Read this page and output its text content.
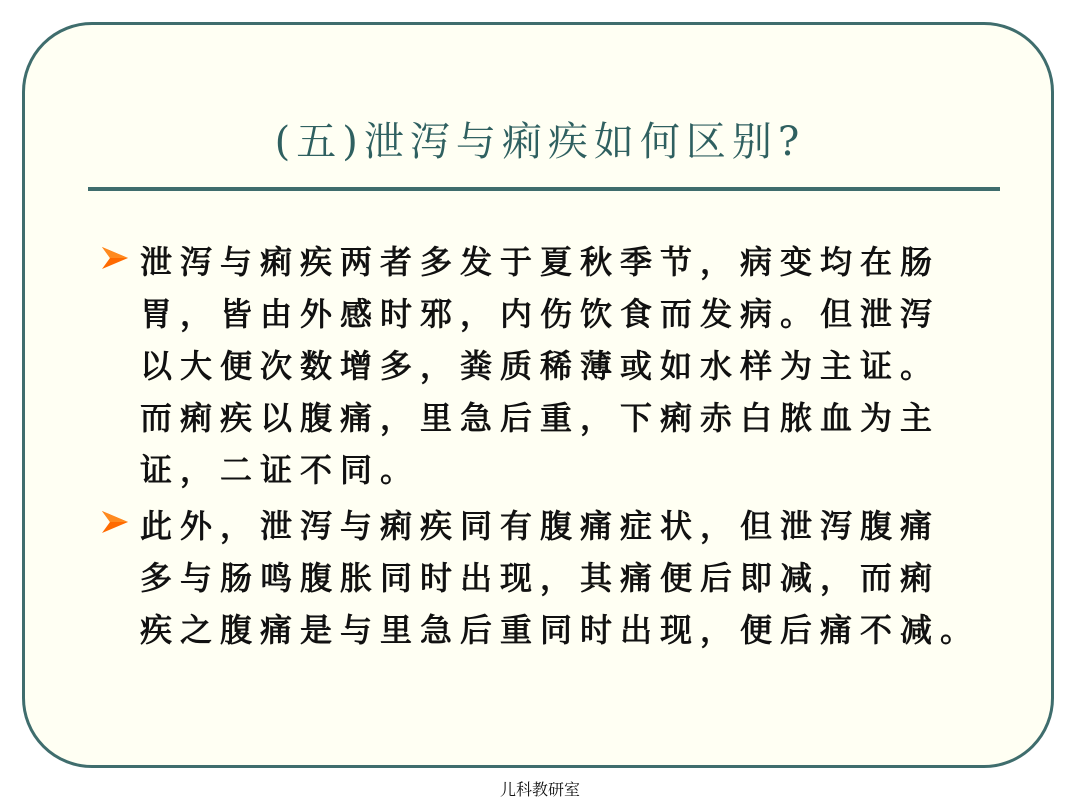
(五)泄泻与痢疾如何区别?
泄泻与痢疾两者多发于夏秋季节，病变均在肠
胃，皆由外感时邪，内伤饮食而发病。但泄泻
以大便次数增多，粪质稀薄或如水样为主证。
而痢疾以腹痛，里急后重，下痢赤白脓血为主
证，二证不同。
此外，泄泻与痢疾同有腹痛症状，但泄泻腹痛
多与肠鸣腹胀同时出现，其痛便后即减，而痢
疾之腹痛是与里急后重同时出现，便后痛不减。
儿科教研室
